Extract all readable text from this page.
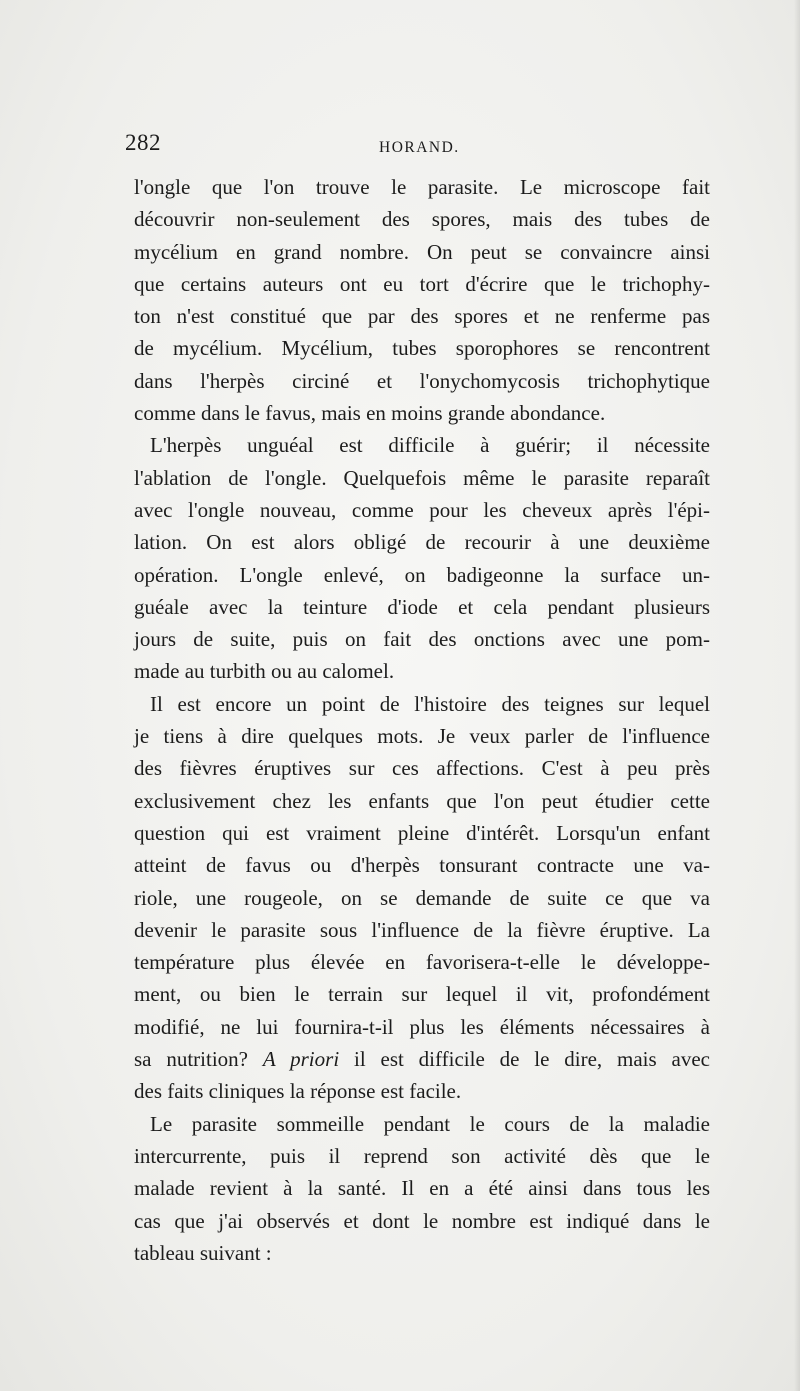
282	HORAND.
l'ongle que l'on trouve le parasite. Le microscope fait
découvrir non-seulement des spores, mais des tubes de
mycélium en grand nombre. On peut se convaincre ainsi
que certains auteurs ont eu tort d'écrire que le trichophy-
ton n'est constitué que par des spores et ne renferme pas
de mycélium. Mycélium, tubes sporophores se rencontrent
dans l'herpès circiné et l'onychomycosis trichophytique
comme dans le favus, mais en moins grande abondance.
L'herpès unguéal est difficile à guérir; il nécessite
l'ablation de l'ongle. Quelquefois même le parasite reparaît
avec l'ongle nouveau, comme pour les cheveux après l'épi-
lation. On est alors obligé de recourir à une deuxième
opération. L'ongle enlevé, on badigeonne la surface un-
guéale avec la teinture d'iode et cela pendant plusieurs
jours de suite, puis on fait des onctions avec une pom-
made au turbith ou au calomel.
Il est encore un point de l'histoire des teignes sur lequel
je tiens à dire quelques mots. Je veux parler de l'influence
des fièvres éruptives sur ces affections. C'est à peu près
exclusivement chez les enfants que l'on peut étudier cette
question qui est vraiment pleine d'intérêt. Lorsqu'un enfant
atteint de favus ou d'herpès tonsurant contracte une va-
riole, une rougeole, on se demande de suite ce que va
devenir le parasite sous l'influence de la fièvre éruptive. La
température plus élevée en favorisera-t-elle le développe-
ment, ou bien le terrain sur lequel il vit, profondément
modifié, ne lui fournira-t-il plus les éléments nécessaires à
sa nutrition? A priori il est difficile de le dire, mais avec
des faits cliniques la réponse est facile.
Le parasite sommeille pendant le cours de la maladie
intercurrente, puis il reprend son activité dès que le
malade revient à la santé. Il en a été ainsi dans tous les
cas que j'ai observés et dont le nombre est indiqué dans le
tableau suivant :
